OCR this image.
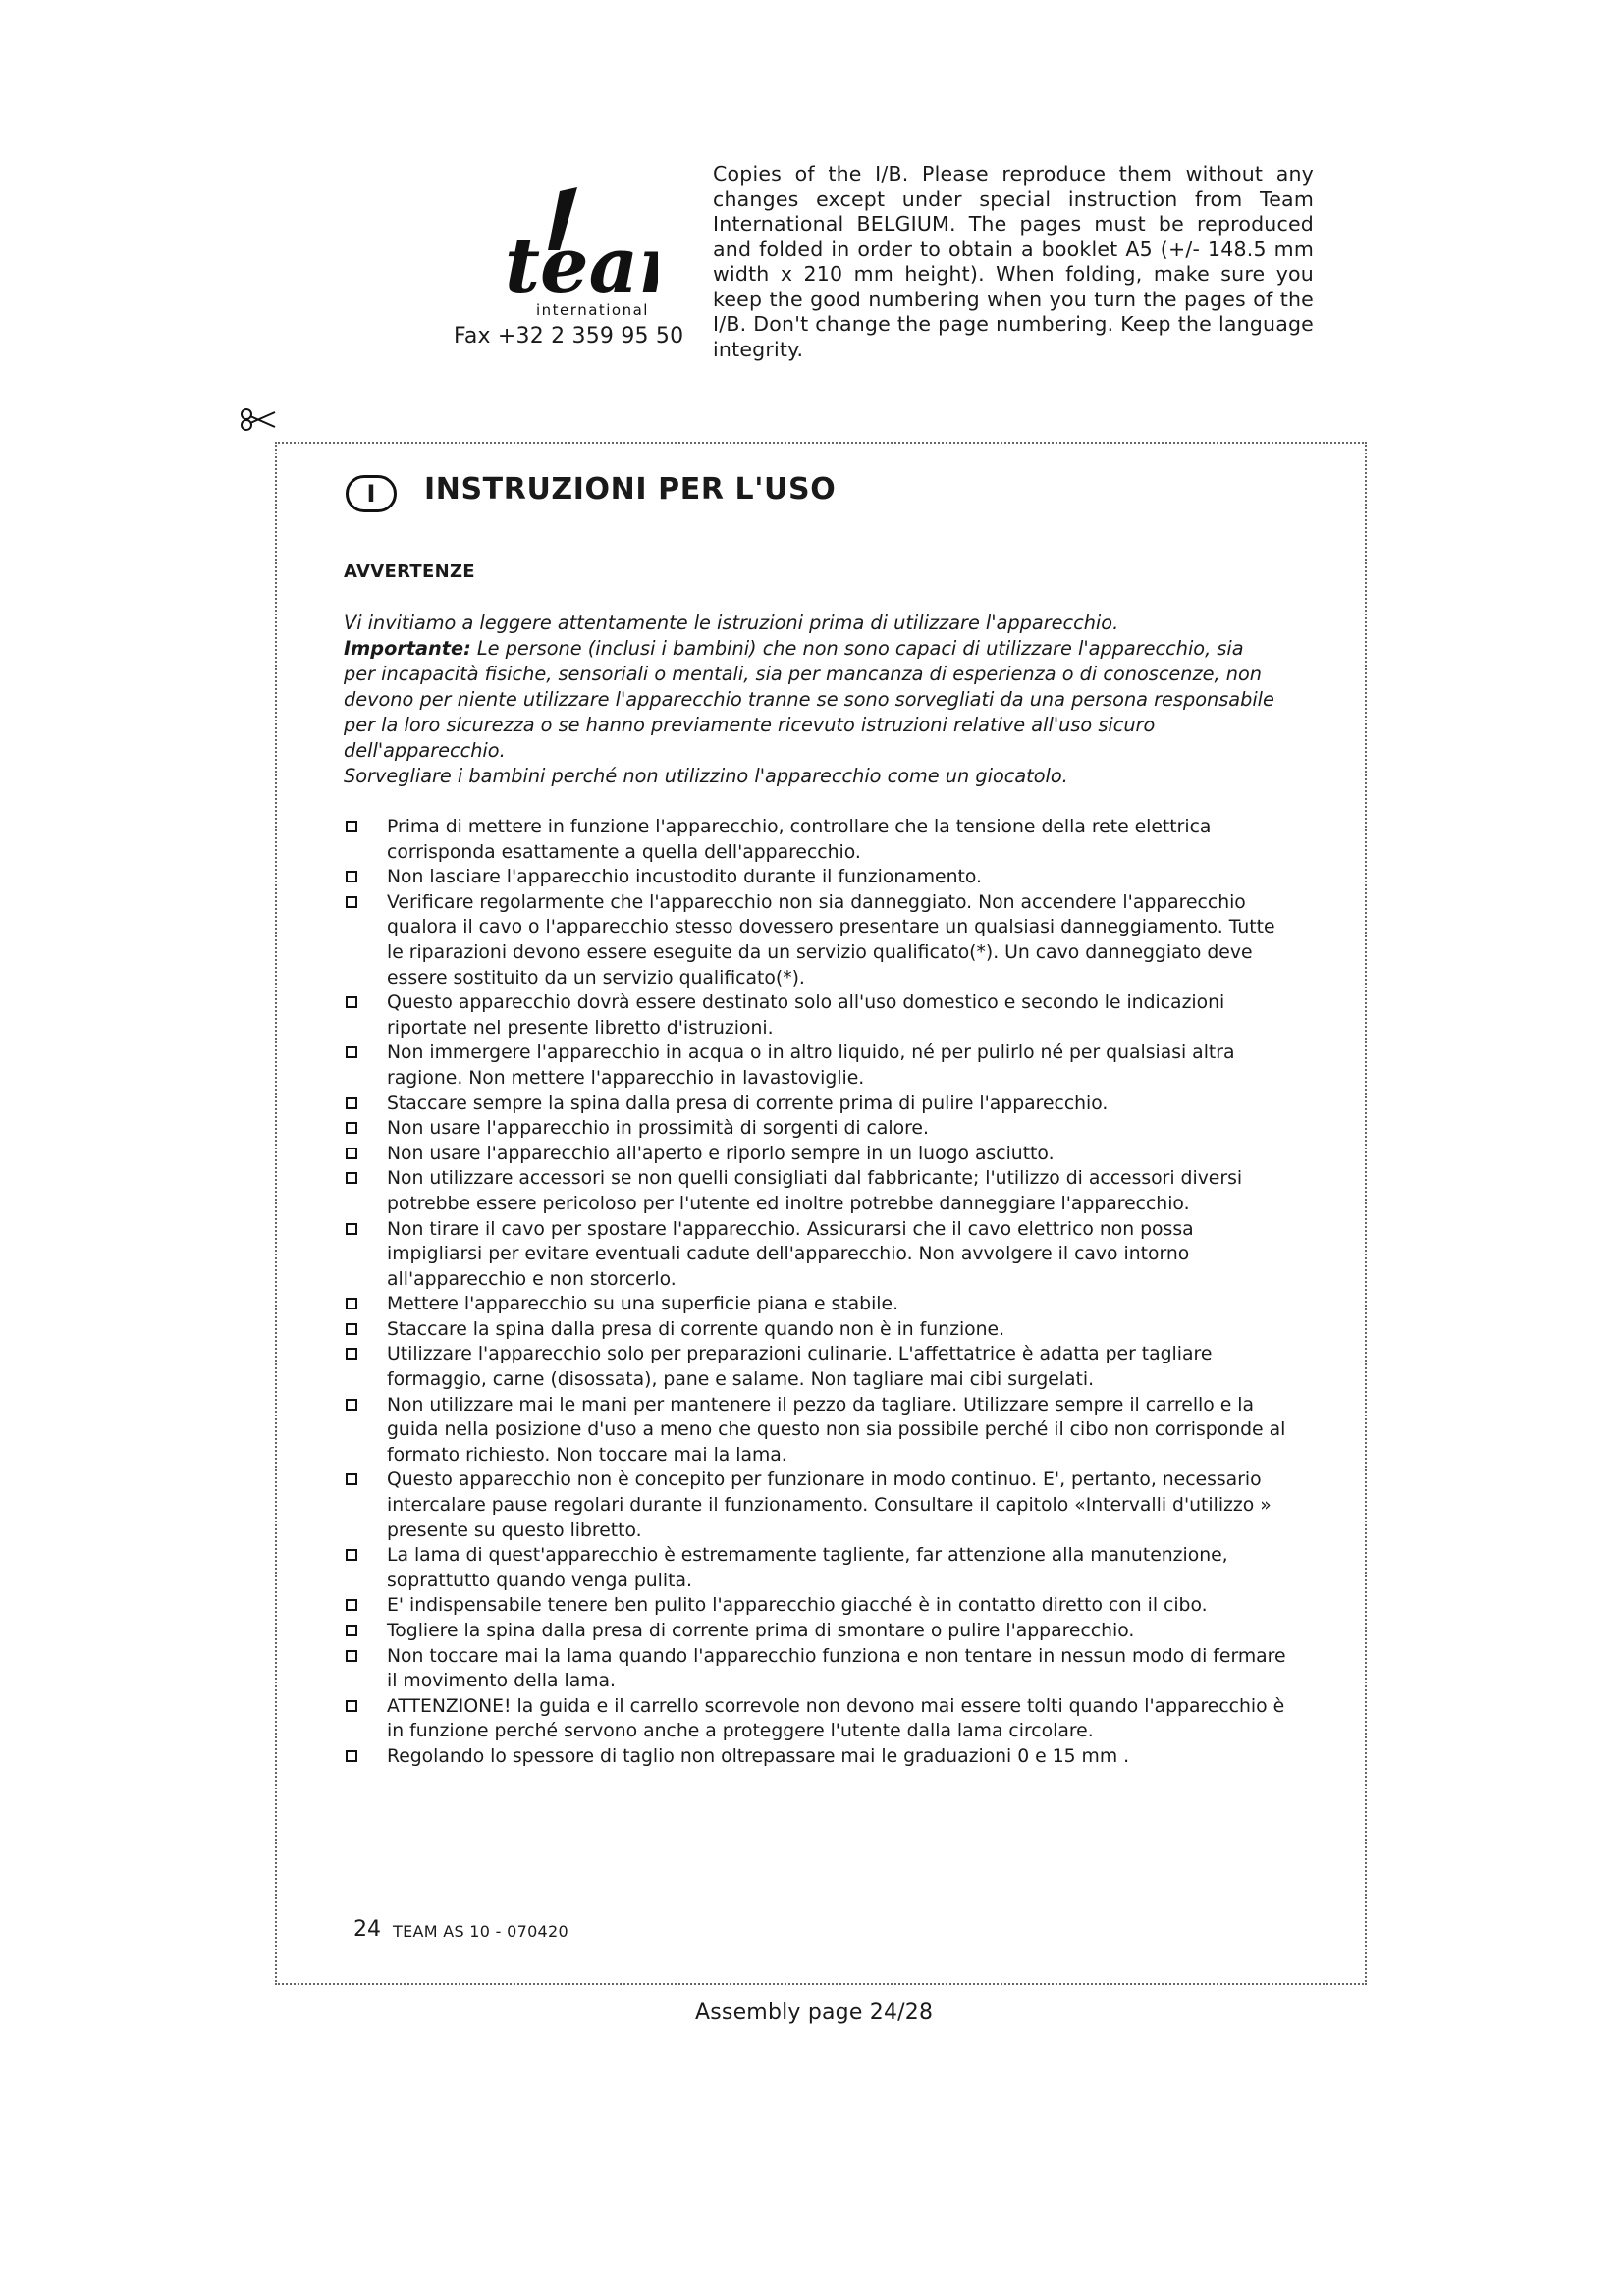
tea
international
Fax +32 2 359 95 50
Copies of the I/B. Please reproduce them without any changes except under special instruction from Team International BELGIUM. The pages must be reproduced and folded in order to obtain a booklet A5 (+/- 148.5 mm width x 210 mm height). When folding, make sure you keep the good numbering when you turn the pages of the I/B. Don't change the page numbering. Keep the language integrity.
I	INSTRUZIONI PER L'USO
AVVERTENZE

Vi invitiamo a leggere attentamente le istruzioni prima di utilizzare l'apparecchio.

Importante: Le persone (inclusi i bambini) che non sono capaci di utilizzare l'apparecchio, sia per incapacità fisiche, sensoriali o mentali, sia per mancanza di esperienza o di conoscenze, non devono per niente utilizzare l'apparecchio tranne se sono sorvegliati da una persona responsabile per la loro sicurezza o se hanno previamente ricevuto istruzioni relative all'uso sicuro dell'apparecchio.

Sorvegliare i bambini perché non utilizzino l'apparecchio come un giocatolo.

Prima di mettere in funzione l'apparecchio, controllare che la tensione della rete elettrica corrisponda esattamente a quella dell'apparecchio.
Non lasciare l'apparecchio incustodito durante il funzionamento.
Verificare regolarmente che l'apparecchio non sia danneggiato. Non accendere l'apparecchio qualora il cavo o l'apparecchio stesso dovessero presentare un qualsiasi danneggiamento. Tutte le riparazioni devono essere eseguite da un servizio qualificato(*). Un cavo danneggiato deve essere sostituito da un servizio qualificato(*).
Questo apparecchio dovrà essere destinato solo all'uso domestico e secondo le indicazioni riportate nel presente libretto d'istruzioni.
Non immergere l'apparecchio in acqua o in altro liquido, né per pulirlo né per qualsiasi altra ragione. Non mettere l'apparecchio in lavastoviglie.
Staccare sempre la spina dalla presa di corrente prima di pulire l'apparecchio.
Non usare l'apparecchio in prossimità di sorgenti di calore.
Non usare l'apparecchio all'aperto e riporlo sempre in un luogo asciutto.
Non utilizzare accessori se non quelli consigliati dal fabbricante; l'utilizzo di accessori diversi potrebbe essere pericoloso per l'utente ed inoltre potrebbe danneggiare l'apparecchio.
Non tirare il cavo per spostare l'apparecchio. Assicurarsi che il cavo elettrico non possa impigliarsi per evitare eventuali cadute dell'apparecchio. Non avvolgere il cavo intorno all'apparecchio e non storcerlo.
Mettere l'apparecchio su una superficie piana e stabile.
Staccare la spina dalla presa di corrente quando non è in funzione.
Utilizzare l'apparecchio solo per preparazioni culinarie. L'affettatrice è adatta per tagliare formaggio, carne (disossata), pane e salame. Non tagliare mai cibi surgelati.
Non utilizzare mai le mani per mantenere il pezzo da tagliare. Utilizzare sempre il carrello e la guida nella posizione d'uso a meno che questo non sia possibile perché il cibo non corrisponde al formato richiesto. Non toccare mai la lama.
Questo apparecchio non è concepito per funzionare in modo continuo. E', pertanto, necessario intercalare pause regolari durante il funzionamento. Consultare il capitolo «Intervalli d'utilizzo » presente su questo libretto.
La lama di quest'apparecchio è estremamente tagliente, far attenzione alla manutenzione, soprattutto quando venga pulita.
E' indispensabile tenere ben pulito l'apparecchio giacché è in contatto diretto con il cibo.
Togliere la spina dalla presa di corrente prima di smontare o pulire l'apparecchio.
Non toccare mai la lama quando l'apparecchio funziona e non tentare in nessun modo di fermare il movimento della lama.
ATTENZIONE! la guida e il carrello scorrevole non devono mai essere tolti quando l'apparecchio è in funzione perché servono anche a proteggere l'utente dalla lama circolare.
Regolando lo spessore di taglio non oltrepassare mai le graduazioni 0 e 15 mm .
24 TEAM AS 10 - 070420
Assembly page 24/28
